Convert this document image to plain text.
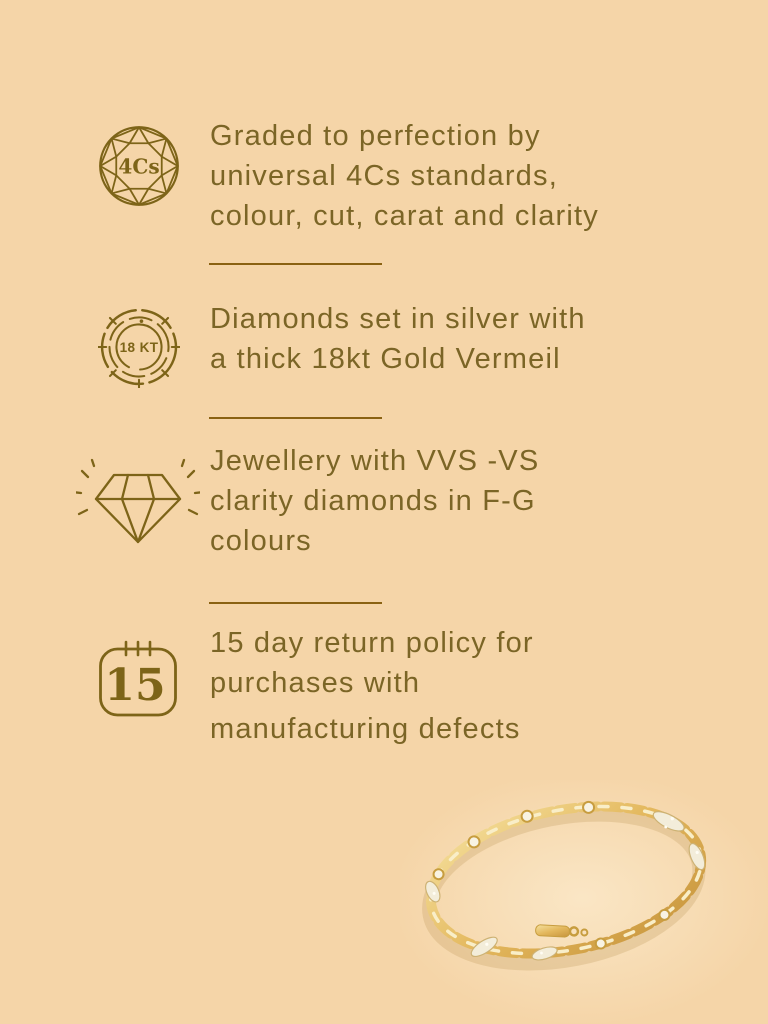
4Cs

Graded to perfection by

universal 4Cs standards,

colour, cut, carat and clarity

18 KT

Diamonds set in silver with

a thick 18kt Gold Vermeil

Jewellery with VVS -VS

clarity diamonds in F-G

colours

15

15 day return policy for

purchases with

manufacturing defects
